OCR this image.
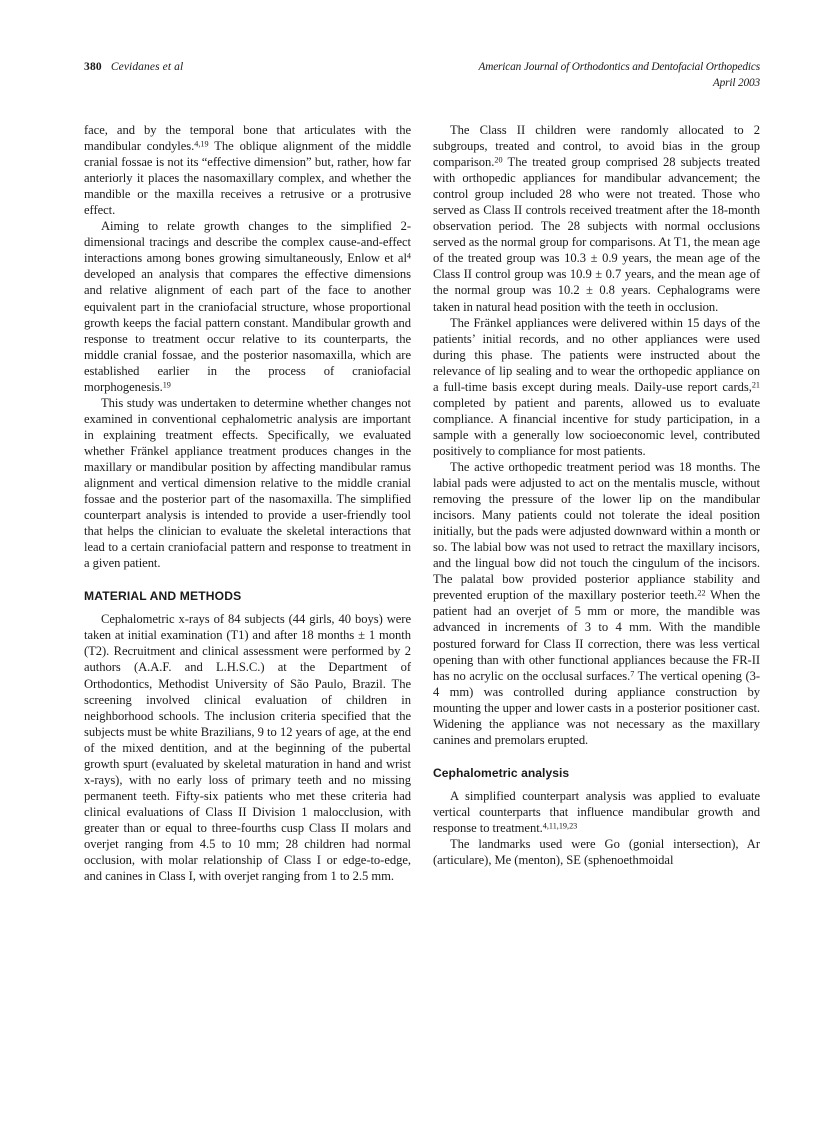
380 Cevidanes et al	American Journal of Orthodontics and Dentofacial Orthopedics
April 2003

face, and by the temporal bone that articulates with the mandibular condyles.$^{4,19}$ The oblique alignment of the middle cranial fossae is not its “effective dimension” but, rather, how far anteriorly it places the nasomaxillary complex, and whether the mandible or the maxilla receives a retrusive or a protrusive effect.

Aiming to relate growth changes to the simplified 2-dimensional tracings and describe the complex cause-and-effect interactions among bones growing simultaneously, Enlow et $al^4$ developed an analysis that compares the effective dimensions and relative alignment of each part of the face to another equivalent part in the craniofacial structure, whose proportional growth keeps the facial pattern constant. Mandibular growth and response to treatment occur relative to its counterparts, the middle cranial fossae, and the posterior nasomaxilla, which are established earlier in the process of craniofacial morphogenesis.$^{19}$

This study was undertaken to determine whether changes not examined in conventional cephalometric analysis are important in explaining treatment effects. Specifically, we evaluated whether Fränkel appliance treatment produces changes in the maxillary or mandibular position by affecting mandibular ramus alignment and vertical dimension relative to the middle cranial fossae and the posterior part of the nasomaxilla. The simplified counterpart analysis is intended to provide a user-friendly tool that helps the clinician to evaluate the skeletal interactions that lead to a certain craniofacial pattern and response to treatment in a given patient.

MATERIAL AND METHODS

Cephalometric x-rays of 84 subjects (44 girls, 40 boys) were taken at initial examination (T1) and after 18 months ± 1 month (T2). Recruitment and clinical assessment were performed by 2 authors (A.A.F. and L.H.S.C.) at the Department of Orthodontics, Methodist University of São Paulo, Brazil. The screening involved clinical evaluation of children in neighborhood schools. The inclusion criteria specified that the subjects must be white Brazilians, 9 to 12 years of age, at the end of the mixed dentition, and at the beginning of the pubertal growth spurt (evaluated by skeletal maturation in hand and wrist x-rays), with no early loss of primary teeth and no missing permanent teeth. Fifty-six patients who met these criteria had clinical evaluations of Class II Division 1 malocclusion, with greater than or equal to three-fourths cusp Class II molars and overjet ranging from 4.5 to 10 mm; 28 children had normal occlusion, with molar relationship of Class I or edge-to-edge, and canines in Class I, with overjet ranging from 1 to 2.5 mm.

The Class II children were randomly allocated to 2 subgroups, treated and control, to avoid bias in the group comparison.$^{20}$ The treated group comprised 28 subjects treated with orthopedic appliances for mandibular advancement; the control group included 28 who were not treated. Those who served as Class II controls received treatment after the 18-month observation period. The 28 subjects with normal occlusions served as the normal group for comparisons. At T1, the mean age of the treated group was 10.3 ± 0.9 years, the mean age of the Class II control group was 10.9 ± 0.7 years, and the mean age of the normal group was 10.2 ± 0.8 years. Cephalograms were taken in natural head position with the teeth in occlusion.

The Fränkel appliances were delivered within 15 days of the patients’ initial records, and no other appliances were used during this phase. The patients were instructed about the relevance of lip sealing and to wear the orthopedic appliance on a full-time basis except during meals. Daily-use report cards,$^{21}$ completed by patient and parents, allowed us to evaluate compliance. A financial incentive for study participation, in a sample with a generally low socioeconomic level, contributed positively to compliance for most patients.

The active orthopedic treatment period was 18 months. The labial pads were adjusted to act on the mentalis muscle, without removing the pressure of the lower lip on the mandibular incisors. Many patients could not tolerate the ideal position initially, but the pads were adjusted downward within a month or so. The labial bow was not used to retract the maxillary incisors, and the lingual bow did not touch the cingulum of the incisors. The palatal bow provided posterior appliance stability and prevented eruption of the maxillary posterior teeth.$^{22}$ When the patient had an overjet of 5 mm or more, the mandible was advanced in increments of 3 to 4 mm. With the mandible postured forward for Class II correction, there was less vertical opening than with other functional appliances because the FR-II has no acrylic on the occlusal surfaces.$^7$ The vertical opening (3-4 mm) was controlled during appliance construction by mounting the upper and lower casts in a posterior positioner cast. Widening the appliance was not necessary as the maxillary canines and premolars erupted.

Cephalometric analysis

A simplified counterpart analysis was applied to evaluate vertical counterparts that influence mandibular growth and response to treatment.$^{4,11,19,23}$

The landmarks used were Go (gonial intersection), Ar (articulare), Me (menton), SE (sphenoethmoidal
